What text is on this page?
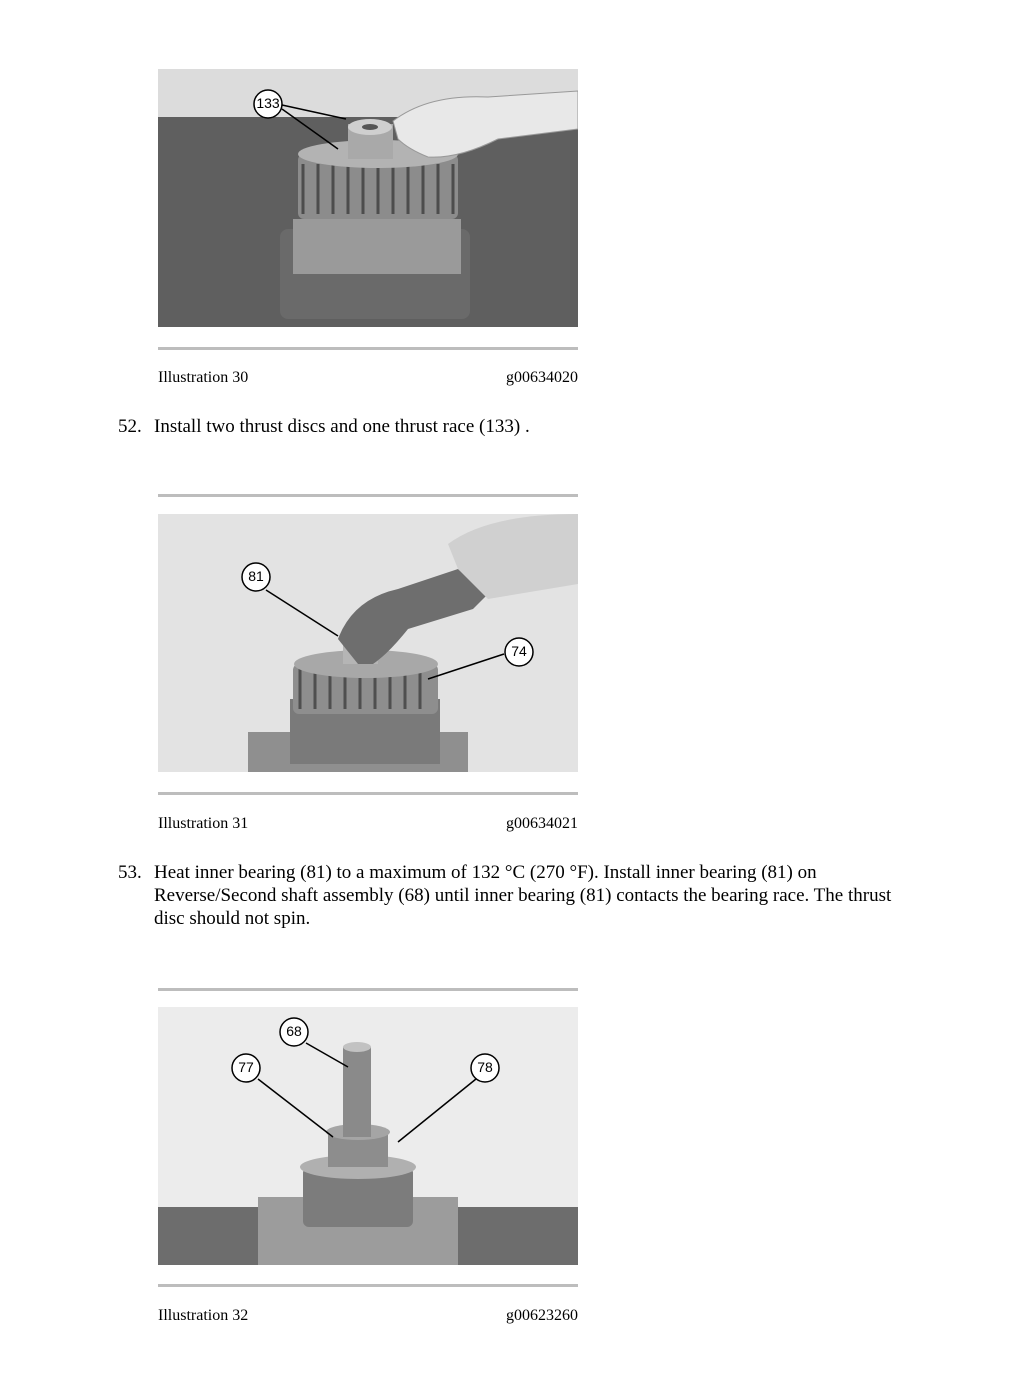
133
Illustration 30	g00634020
52. Install two thrust discs and one thrust race (133) .
81
74
Illustration 31	g00634021
53. Heat inner bearing (81) to a maximum of 132 °C (270 °F). Install inner bearing (81) on Reverse/Second shaft assembly (68) until inner bearing (81) contacts the bearing race. The thrust disc should not spin.
68
77	78
Illustration 32	g00623260
